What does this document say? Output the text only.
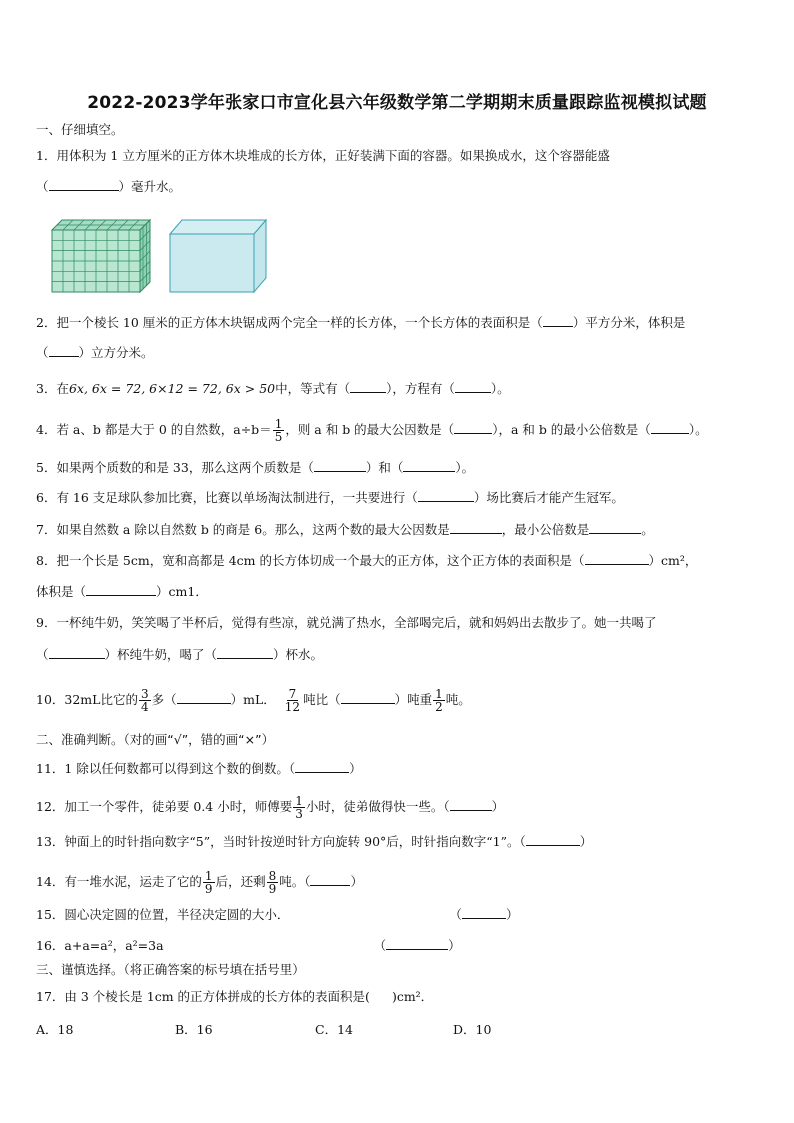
2022-2023学年张家口市宣化县六年级数学第二学期期末质量跟踪监视模拟试题
一、仔细填空。
1．用体积为 1 立方厘米的正方体木块堆成的长方体，正好装满下面的容器。如果换成水，这个容器能盛
（	）毫升水。
2．把一个棱长 10 厘米的正方体木块锯成两个完全一样的长方体，一个长方体的表面积是（ ）平方分米，体积是
（ ）立方分米。
3．在6x, 6x = 72, 6×12 = 72, 6x > 50中，等式有（	），方程有（	）。
4．若 a、b 都是大于 0 的自然数，$a\div b= \frac{1}{5}$ ，则 a 和 b 的最大公因数是（	），a 和 b 的最小公倍数是（	）。
5．如果两个质数的和是 33，那么这两个质数是（	）和（	）。
6．有 16 支足球队参加比赛，比赛以单场淘汰制进行，一共要进行（	）场比赛后才能产生冠军。
7．如果自然数 a 除以自然数 b 的商是 6。那么，这两个数的最大公因数是	，最小公倍数是	。
8．把一个长是 5cm，宽和高都是 4cm 的长方体切成一个最大的正方体，这个正方体的表面积是（	）cm²，
体积是（	）cm1．
9．一杯纯牛奶，笑笑喝了半杯后，觉得有些凉，就兑满了热水，全部喝完后，就和妈妈出去散步了。她一共喝了
（	）杯纯牛奶，喝了（	）杯水。
10．32mL比它的 $\frac{3}{4}$ 多（	）mL． $\frac{7}{12}$ 吨比（	）吨重 $\frac{1}{2}$ 吨。
二、准确判断。（对的画“√”，错的画“×”）
11．1 除以任何数都可以得到这个数的倒数。（	）
12．加工一个零件，徒弟要 0.4 小时，师傅要 $\frac{1}{3}$ 小时，徒弟做得快一些。（	）
13．钟面上的时针指向数字“5”，当时针按逆时针方向旋转 90°后，时针指向数字“1”。（	）
14．有一堆水泥，运走了它的 $\frac{1}{9}$ 后，还剩 $\frac{8}{9}$ 吨。（	）
15．圆心决定圆的位置，半径决定圆的大小．	（	）
16．a+a=a²，a²=3a	（	）
三、谨慎选择。（将正确答案的标号填在括号里）
17．由 3 个棱长是 1cm 的正方体拼成的长方体的表面积是( )cm²．
A．18	B．16	C．14	D．10
